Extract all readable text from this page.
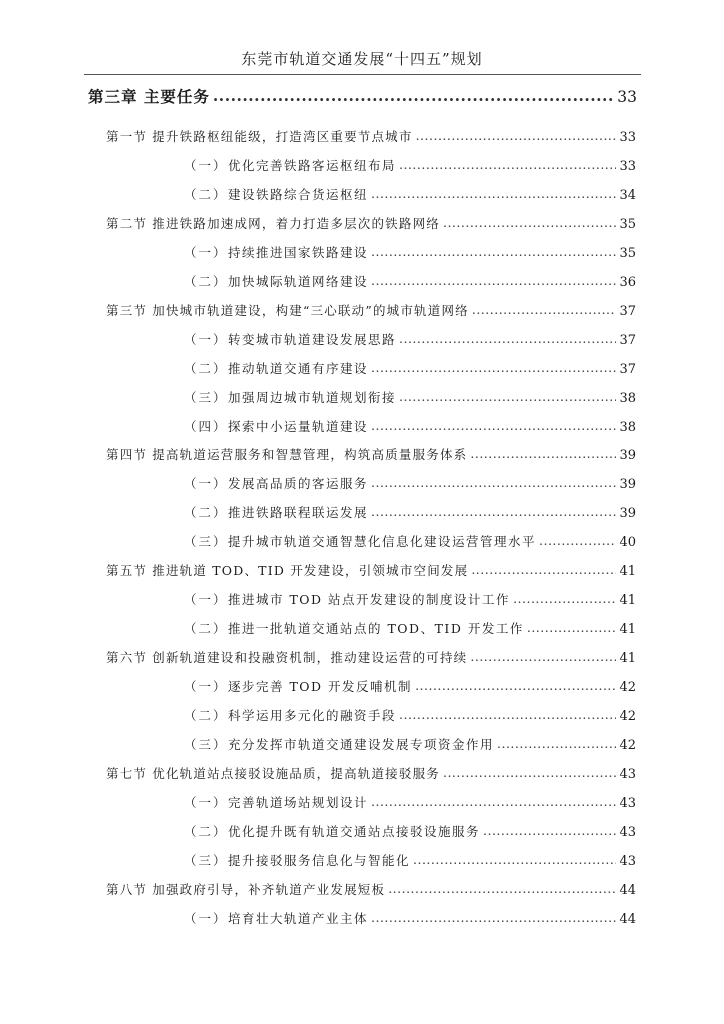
东莞市轨道交通发展“十四五”规划
第三章 主要任务 .....	33
第一节 提升铁路枢纽能级，打造湾区重要节点城市 .....	33
（一）优化完善铁路客运枢纽布局 .....	33
（二）建设铁路综合货运枢纽 .....	34
第二节 推进铁路加速成网，着力打造多层次的铁路网络 .....	35
（一）持续推进国家铁路建设 .....	35
（二）加快城际轨道网络建设 .....	36
第三节 加快城市轨道建设，构建“三心联动”的城市轨道网络 .....	37
（一）转变城市轨道建设发展思路 .....	37
（二）推动轨道交通有序建设 .....	37
（三）加强周边城市轨道规划衔接 .....	38
（四）探索中小运量轨道建设 .....	38
第四节 提高轨道运营服务和智慧管理，构筑高质量服务体系 .....	39
（一）发展高品质的客运服务 .....	39
（二）推进铁路联程联运发展 .....	39
（三）提升城市轨道交通智慧化信息化建设运营管理水平 .....	40
第五节 推进轨道 TOD、TID 开发建设，引领城市空间发展 .....	41
（一）推进城市 TOD 站点开发建设的制度设计工作 .....	41
（二）推进一批轨道交通站点的 TOD、TID 开发工作 .....	41
第六节 创新轨道建设和投融资机制，推动建设运营的可持续 .....	41
（一）逐步完善 TOD 开发反哺机制 .....	42
（二）科学运用多元化的融资手段 .....	42
（三）充分发挥市轨道交通建设发展专项资金作用 .....	42
第七节 优化轨道站点接驳设施品质，提高轨道接驳服务 .....	43
（一）完善轨道场站规划设计 .....	43
（二）优化提升既有轨道交通站点接驳设施服务 .....	43
（三）提升接驳服务信息化与智能化 .....	43
第八节 加强政府引导，补齐轨道产业发展短板 .....	44
（一）培育壮大轨道产业主体 .....	44
